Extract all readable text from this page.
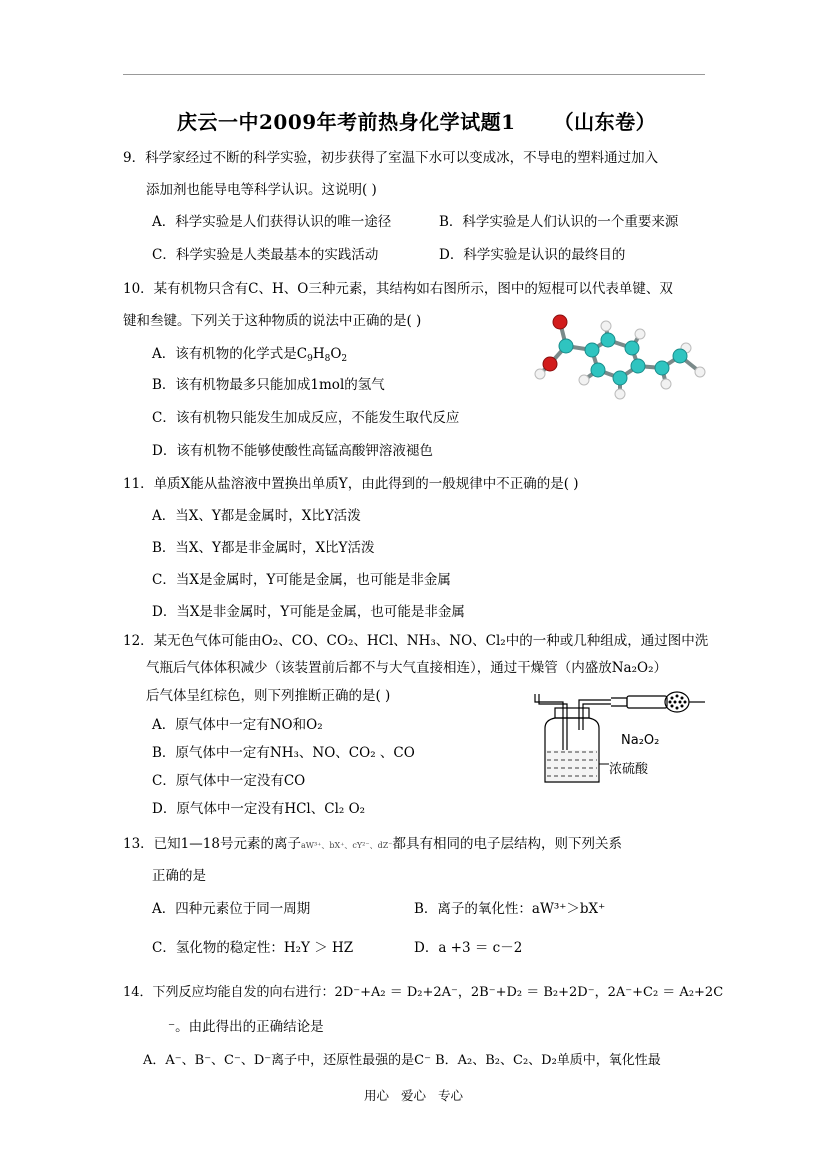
庆云一中2009年考前热身化学试题1 （山东卷）
9．科学家经过不断的科学实验，初步获得了室温下水可以变成冰，不导电的塑料通过加入
添加剂也能导电等科学认识。这说明( )
A．科学实验是人们获得认识的唯一途径	B．科学实验是人们认识的一个重要来源
C．科学实验是人类最基本的实践活动	D．科学实验是认识的最终目的
10．某有机物只含有C、H、O三种元素，其结构如右图所示，图中的短棍可以代表单键、双
键和叁键。下列关于这种物质的说法中正确的是( )
A．该有机物的化学式是$C_9H_8O_2$
B．该有机物最多只能加成1mol的氢气
C．该有机物只能发生加成反应，不能发生取代反应
D．该有机物不能够使酸性高锰高酸钾溶液褪色
11．单质X能从盐溶液中置换出单质Y，由此得到的一般规律中不正确的是( )
A．当X、Y都是金属时，X比Y活泼
B．当X、Y都是非金属时，X比Y活泼
C．当X是金属时，Y可能是金属，也可能是非金属
D．当X是非金属时，Y可能是金属，也可能是非金属
12．某无色气体可能由O₂、CO、CO₂、HCl、NH₃、NO、Cl₂中的一种或几种组成，通过图中洗
气瓶后气体体积减少（该装置前后都不与大气直接相连），通过干燥管（内盛放Na₂O₂）
后气体呈红棕色，则下列推断正确的是( )
A．原气体中一定有NO和O₂
B．原气体中一定有NH₃、NO、CO₂ 、CO
C．原气体中一定没有CO
D．原气体中一定没有HCl、Cl₂ O₂
Na₂O₂
浓硫酸
13．已知1—18号元素的离子aW³⁺、bX⁺、cY²⁻、dZ⁻都具有相同的电子层结构，则下列关系
正确的是
A．四种元素位于同一周期	B．离子的氧化性：aW³⁺＞bX⁺
C．氢化物的稳定性：H₂Y ＞ HZ	D．a +3 ＝ c－2
14．下列反应均能自发的向右进行：2D⁻+A₂ ＝ D₂+2A⁻，2B⁻+D₂ ＝ B₂+2D⁻，2A⁻+C₂ ＝ A₂+2C
⁻。由此得出的正确结论是
A．A⁻、B⁻、C⁻、D⁻离子中，还原性最强的是C⁻ B．A₂、B₂、C₂、D₂单质中，氧化性最
用心 爱心 专心
